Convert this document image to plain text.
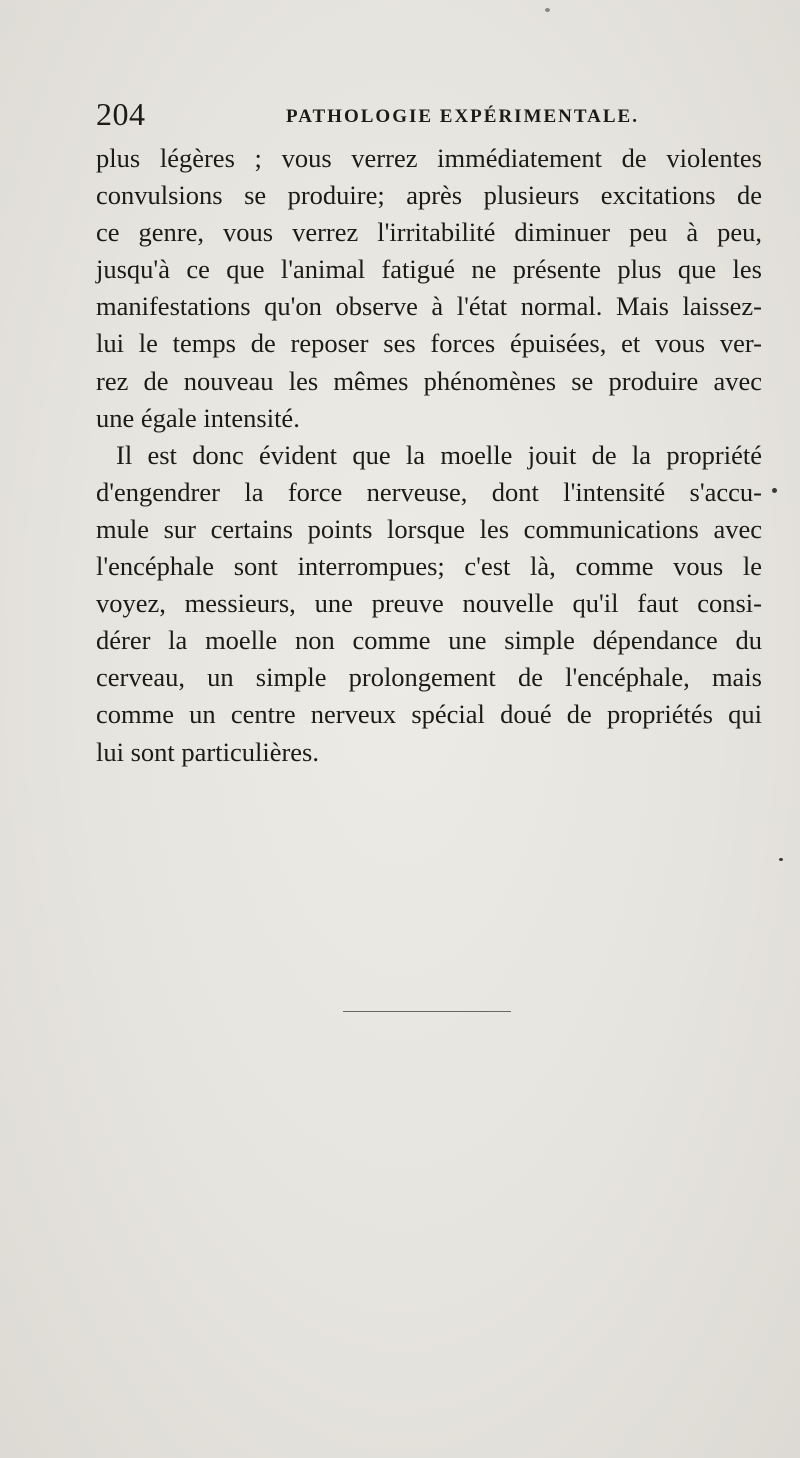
204	PATHOLOGIE EXPÉRIMENTALE.
plus légères ; vous verrez immédiatement de violentes
convulsions se produire; après plusieurs excitations de
ce genre, vous verrez l'irritabilité diminuer peu à peu,
jusqu'à ce que l'animal fatigué ne présente plus que les
manifestations qu'on observe à l'état normal. Mais laissez-
lui le temps de reposer ses forces épuisées, et vous ver-
rez de nouveau les mêmes phénomènes se produire avec
une égale intensité.
Il est donc évident que la moelle jouit de la propriété
d'engendrer la force nerveuse, dont l'intensité s'accu-
mule sur certains points lorsque les communications avec
l'encéphale sont interrompues; c'est là, comme vous le
voyez, messieurs, une preuve nouvelle qu'il faut consi-
dérer la moelle non comme une simple dépendance du
cerveau, un simple prolongement de l'encéphale, mais
comme un centre nerveux spécial doué de propriétés qui
lui sont particulières.
